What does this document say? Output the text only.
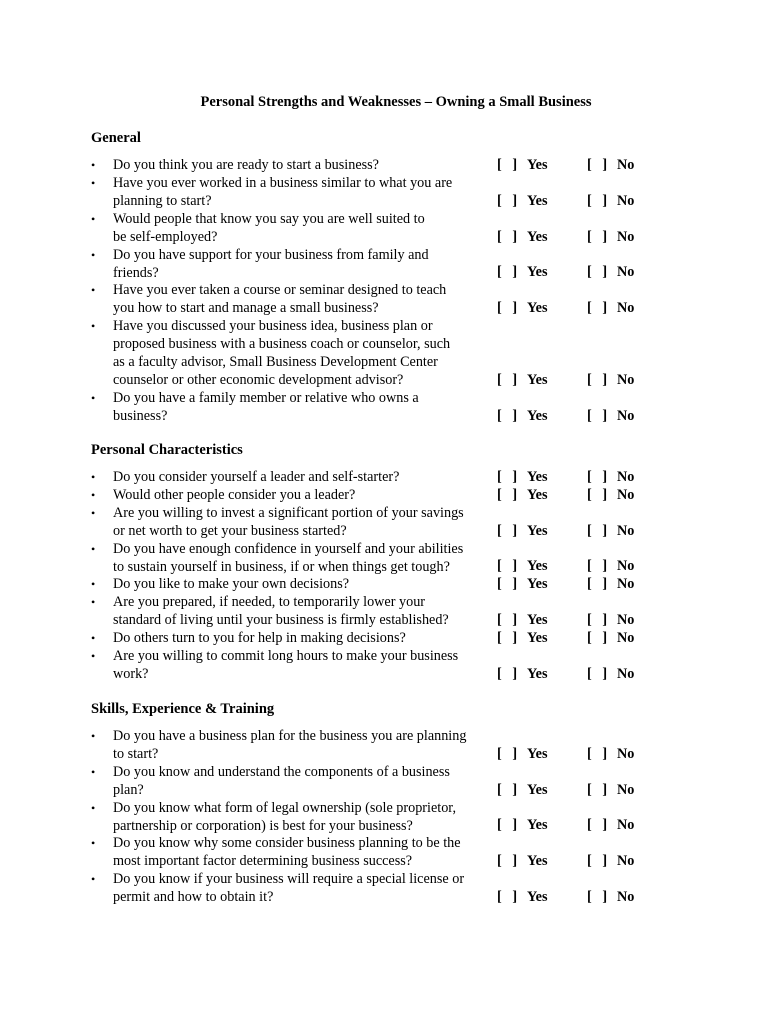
Personal Strengths and Weaknesses – Owning a Small Business
General
• Do you think you are ready to start a business?	[ ] Yes	[ ] No
• Have you ever worked in a business similar to what you are
planning to start?	[ ] Yes	[ ] No
• Would people that know you say you are well suited to
be self-employed?	[ ] Yes	[ ] No
• Do you have support for your business from family and
friends?	[ ] Yes	[ ] No
• Have you ever taken a course or seminar designed to teach
you how to start and manage a small business?	[ ] Yes	[ ] No
• Have you discussed your business idea, business plan or
proposed business with a business coach or counselor, such
as a faculty advisor, Small Business Development Center
counselor or other economic development advisor?	[ ] Yes	[ ] No
• Do you have a family member or relative who owns a
business?	[ ] Yes	[ ] No
Personal Characteristics
• Do you consider yourself a leader and self-starter?	[ ] Yes	[ ] No
• Would other people consider you a leader?	[ ] Yes	[ ] No
• Are you willing to invest a significant portion of your savings
or net worth to get your business started?	[ ] Yes	[ ] No
• Do you have enough confidence in yourself and your abilities
to sustain yourself in business, if or when things get tough?	[ ] Yes	[ ] No
• Do you like to make your own decisions?	[ ] Yes	[ ] No
• Are you prepared, if needed, to temporarily lower your
standard of living until your business is firmly established?	[ ] Yes	[ ] No
• Do others turn to you for help in making decisions?	[ ] Yes	[ ] No
• Are you willing to commit long hours to make your business
work?	[ ] Yes	[ ] No
Skills, Experience & Training
• Do you have a business plan for the business you are planning
to start?	[ ] Yes	[ ] No
• Do you know and understand the components of a business
plan?	[ ] Yes	[ ] No
• Do you know what form of legal ownership (sole proprietor,
partnership or corporation) is best for your business?	[ ] Yes	[ ] No
• Do you know why some consider business planning to be the
most important factor determining business success?	[ ] Yes	[ ] No
• Do you know if your business will require a special license or
permit and how to obtain it?	[ ] Yes	[ ] No
